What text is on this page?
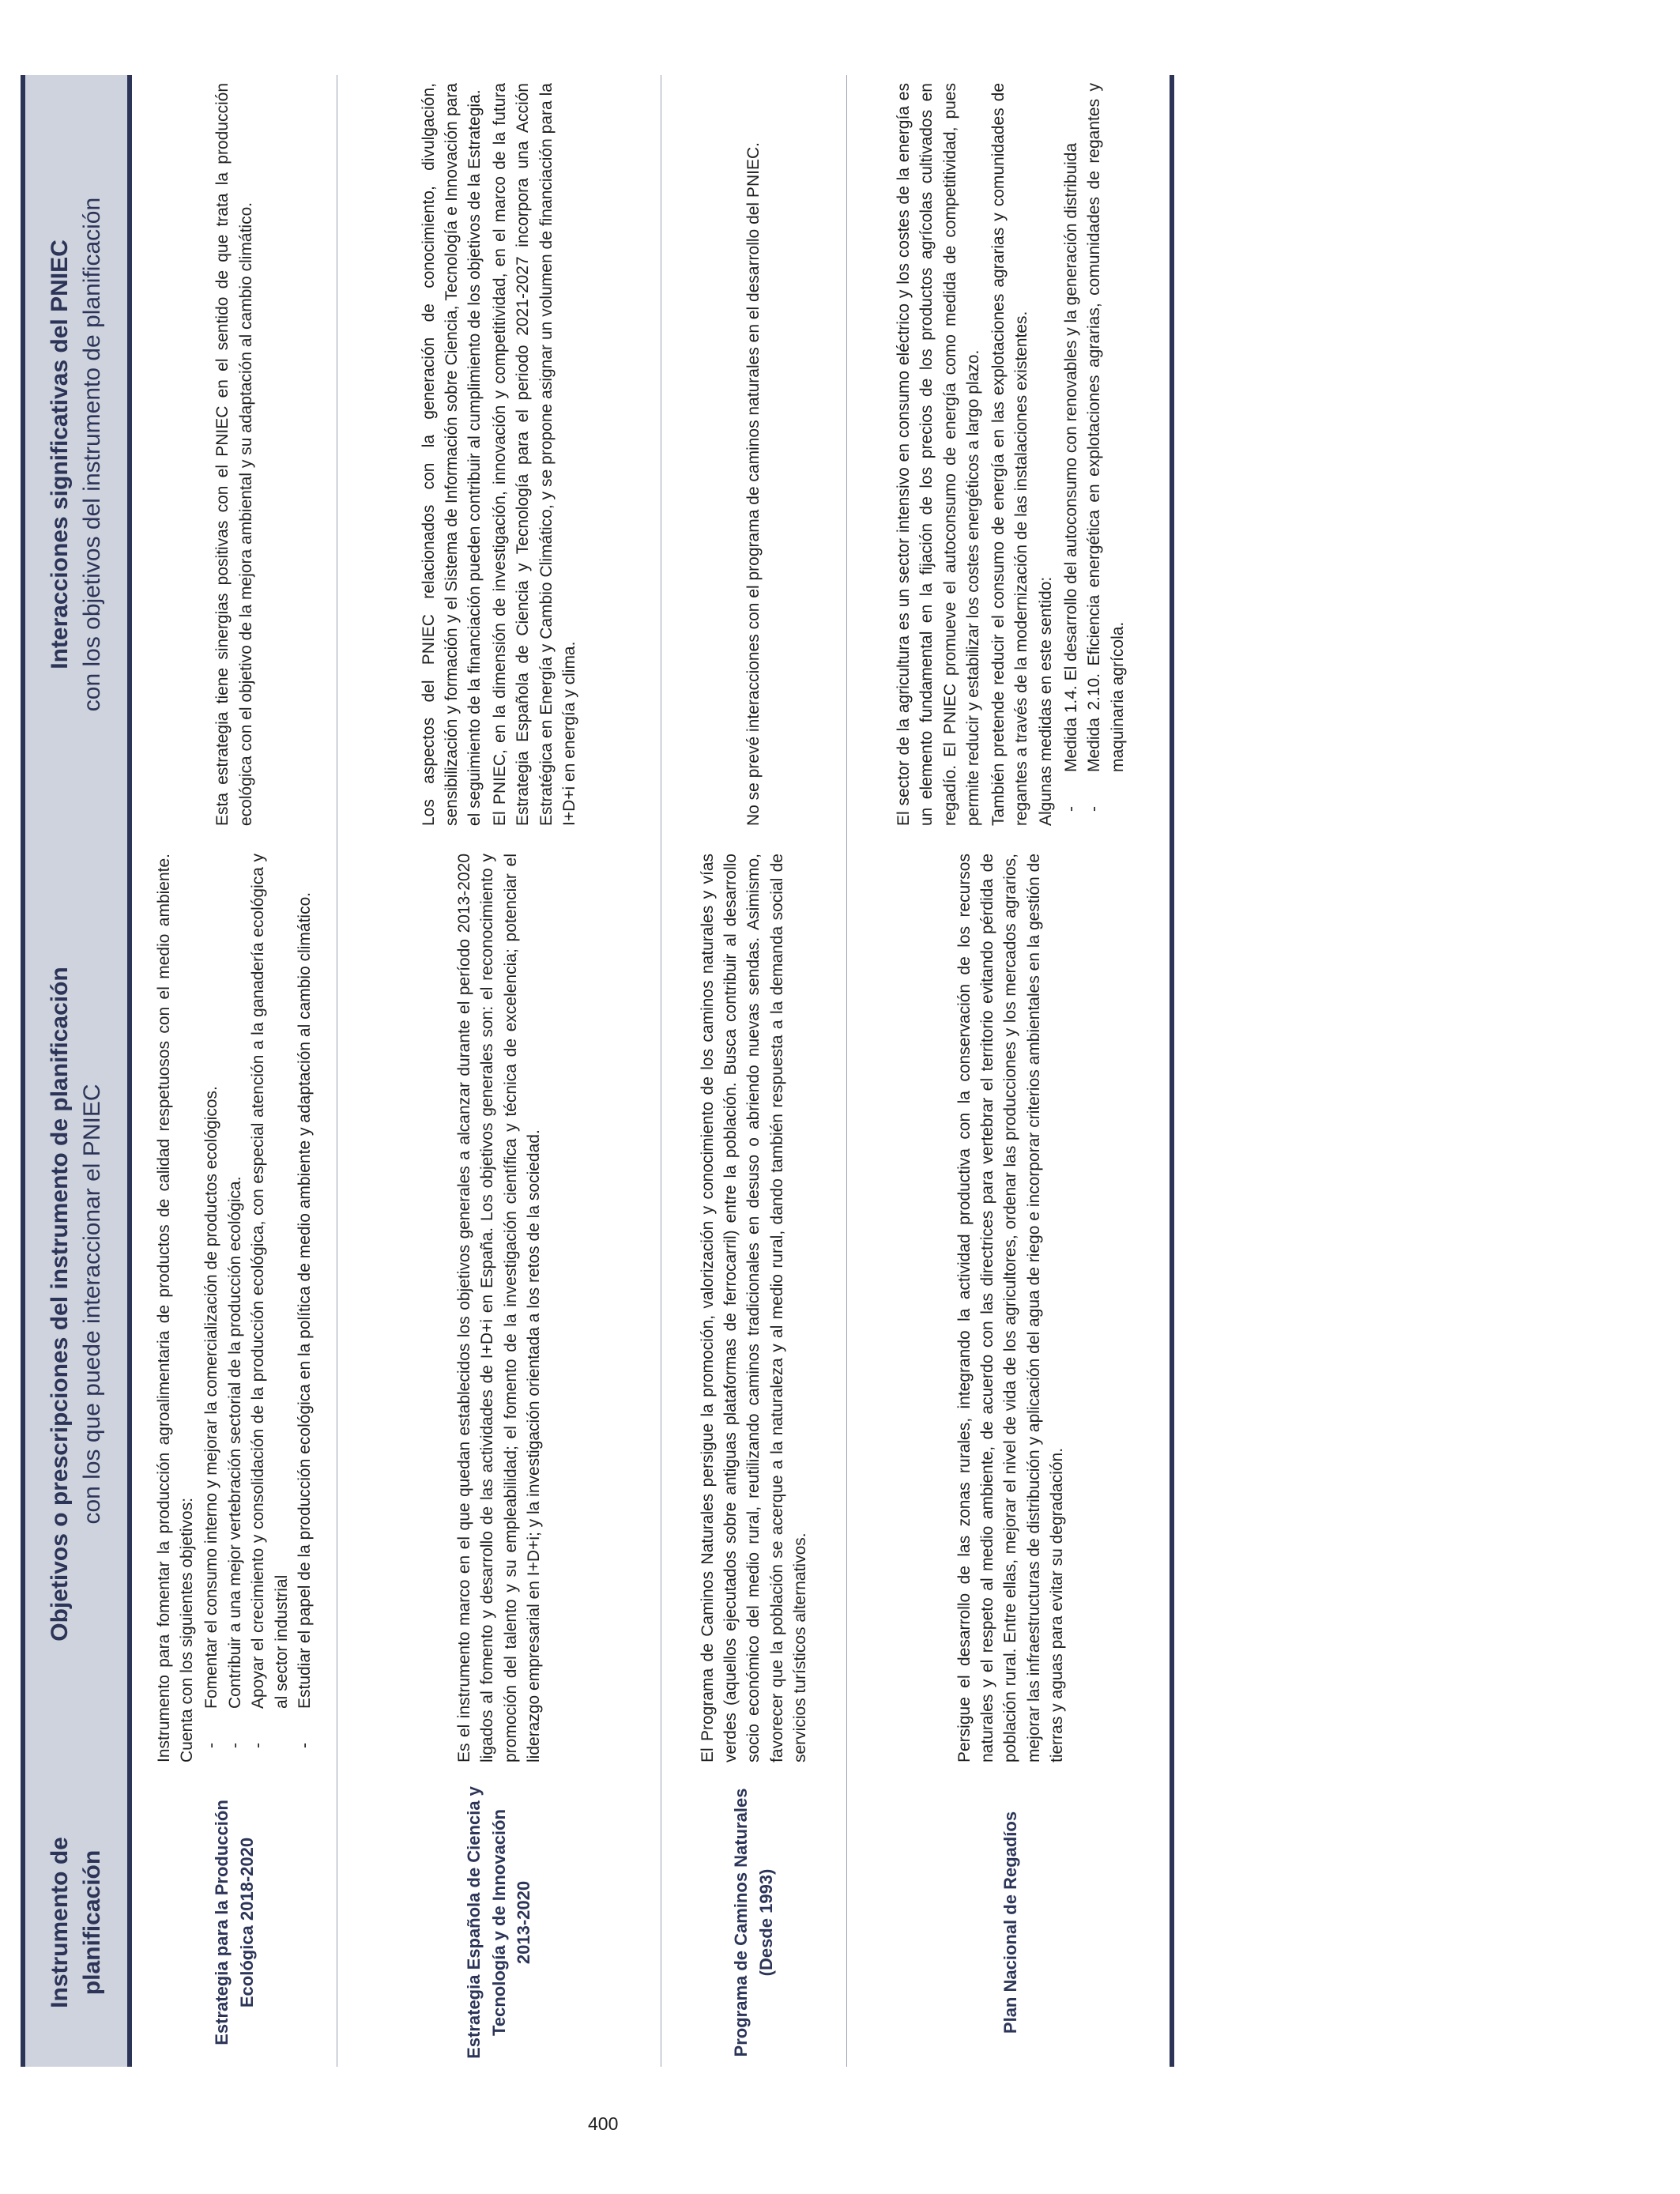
Instrumento de planificación
Objetivos o prescripciones del instrumento de planificación con los que puede interaccionar el PNIEC
Interacciones significativas del PNIEC con los objetivos del instrumento de planificación
Estrategia para la Producción Ecológica 2018-2020

Instrumento para fomentar la producción agroalimentaria de productos de calidad respetuosos con el medio ambiente. Cuenta con los siguientes objetivos: - Fomentar el consumo interno y mejorar la comercialización de productos ecológicos. - Contribuir a una mejor vertebración sectorial de la producción ecológica. - Apoyar el crecimiento y consolidación de la producción ecológica, con especial atención a la ganadería ecológica y al sector industrial - Estudiar el papel de la producción ecológica en la política de medio ambiente y adaptación al cambio climático.

Esta estrategia tiene sinergias positivas con el PNIEC en el sentido de que trata la producción ecológica con el objetivo de la mejora ambiental y su adaptación al cambio climático.

Estrategia Española de Ciencia y Tecnología y de Innovación 2013-2020

Es el instrumento marco en el que quedan establecidos los objetivos generales a alcanzar durante el período 2013-2020 ligados al fomento y desarrollo de las actividades de I+D+i en España. Los objetivos generales son: el reconocimiento y promoción del talento y su empleabilidad; el fomento de la investigación científica y técnica de excelencia; potenciar el liderazgo empresarial en I+D+i; y la investigación orientada a los retos de la sociedad.

Los aspectos del PNIEC relacionados con la generación de conocimiento, divulgación, sensibilización y formación y el Sistema de Información sobre Ciencia, Tecnología e Innovación para el seguimiento de la financiación pueden contribuir al cumplimiento de los objetivos de la Estrategia. El PNIEC, en la dimensión de investigación, innovación y competitividad, en el marco de la futura Estrategia Española de Ciencia y Tecnología para el periodo 2021-2027 incorpora una Acción Estratégica en Energía y Cambio Climático, y se propone asignar un volumen de financiación para la I+D+i en energía y clima.

Programa de Caminos Naturales (Desde 1993)

El Programa de Caminos Naturales persigue la promoción, valorización y conocimiento de los caminos naturales y vías verdes (aquellos ejecutados sobre antiguas plataformas de ferrocarril) entre la población. Busca contribuir al desarrollo socio económico del medio rural, reutilizando caminos tradicionales en desuso o abriendo nuevas sendas. Asimismo, favorecer que la población se acerque a la naturaleza y al medio rural, dando también respuesta a la demanda social de servicios turísticos alternativos.

No se prevé interacciones con el programa de caminos naturales en el desarrollo del PNIEC.

Plan Nacional de Regadíos

Persigue el desarrollo de las zonas rurales, integrando la actividad productiva con la conservación de los recursos naturales y el respeto al medio ambiente, de acuerdo con las directrices para vertebrar el territorio evitando pérdida de población rural. Entre ellas, mejorar el nivel de vida de los agricultores, ordenar las producciones y los mercados agrarios, mejorar las infraestructuras de distribución y aplicación del agua de riego e incorporar criterios ambientales en la gestión de tierras y aguas para evitar su degradación.

El sector de la agricultura es un sector intensivo en consumo eléctrico y los costes de la energía es un elemento fundamental en la fijación de los precios de los productos agrícolas cultivados en regadío. El PNIEC promueve el autoconsumo de energía como medida de competitividad, pues permite reducir y estabilizar los costes energéticos a largo plazo. También pretende reducir el consumo de energía en las explotaciones agrarias y comunidades de regantes a través de la modernización de las instalaciones existentes. Algunas medidas en este sentido: - Medida 1.4. El desarrollo del autoconsumo con renovables y la generación distribuida - Medida 2.10. Eficiencia energética en explotaciones agrarias, comunidades de regantes y maquinaria agrícola.
400
